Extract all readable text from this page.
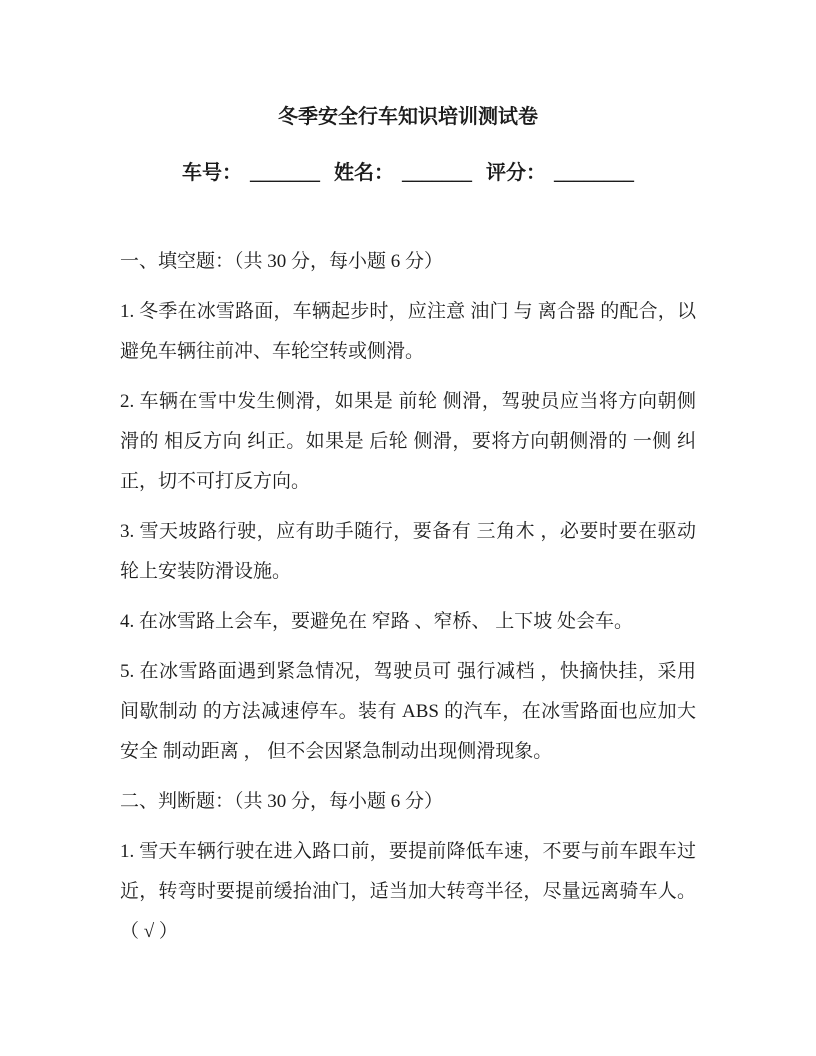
冬季安全行车知识培训测试卷

车号： _______ 姓名： _______ 评分： ________

一、填空题：（共 30 分，每小题 6 分）

1. 冬季在冰雪路面，车辆起步时，应注意 油门 与 离合器 的配合，以避免车辆往前冲、车轮空转或侧滑。

2. 车辆在雪中发生侧滑，如果是 前轮 侧滑，驾驶员应当将方向朝侧滑的 相反方向 纠正。如果是 后轮 侧滑，要将方向朝侧滑的 一侧 纠正，切不可打反方向。

3. 雪天坡路行驶，应有助手随行，要备有 三角木 ，必要时要在驱动轮上安装防滑设施。

4. 在冰雪路上会车，要避免在 窄路 、窄桥、 上下坡 处会车。

5. 在冰雪路面遇到紧急情况，驾驶员可 强行减档 ，快摘快挂，采用 间歇制动 的方法减速停车。装有 ABS 的汽车，在冰雪路面也应加大安全 制动距离 ， 但不会因紧急制动出现侧滑现象。

二、判断题：（共 30 分，每小题 6 分）

1. 雪天车辆行驶在进入路口前，要提前降低车速，不要与前车跟车过近，转弯时要提前缓抬油门，适当加大转弯半径，尽量远离骑车人。（ √ ）
